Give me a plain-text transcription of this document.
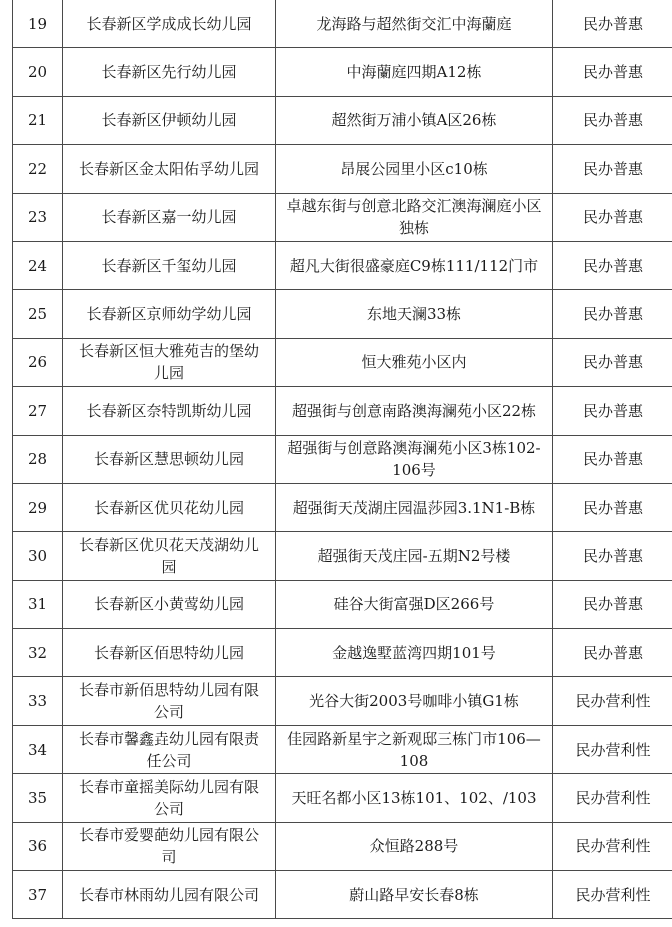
19	长春新区学成成长幼儿园	龙海路与超然街交汇中海蘭庭	民办普惠
20	长春新区先行幼儿园	中海蘭庭四期A12栋	民办普惠
21	长春新区伊顿幼儿园	超然街万浦小镇A区26栋	民办普惠
22	长春新区金太阳佑孚幼儿园	昂展公园里小区c10栋	民办普惠
23	长春新区嘉一幼儿园	卓越东街与创意北路交汇澳海澜庭小区独栋	民办普惠
24	长春新区千玺幼儿园	超凡大街很盛豪庭C9栋111/112门市	民办普惠
25	长春新区京师幼学幼儿园	东地天澜33栋	民办普惠
26	长春新区恒大雅苑吉的堡幼儿园	恒大雅苑小区内	民办普惠
27	长春新区奈特凯斯幼儿园	超强街与创意南路澳海澜苑小区22栋	民办普惠
28	长春新区慧思顿幼儿园	超强街与创意路澳海澜苑小区3栋102-106号	民办普惠
29	长春新区优贝花幼儿园	超强街天茂湖庄园温莎园3.1N1-B栋	民办普惠
30	长春新区优贝花天茂湖幼儿园	超强街天茂庄园-五期N2号楼	民办普惠
31	长春新区小黄莺幼儿园	硅谷大街富强D区266号	民办普惠
32	长春新区佰思特幼儿园	金越逸墅蓝湾四期101号	民办普惠
33	长春市新佰思特幼儿园有限公司	光谷大街2003号咖啡小镇G1栋	民办营利性
34	长春市馨鑫垚幼儿园有限责任公司	佳园路新星宇之新观邸三栋门市106—108	民办营利性
35	长春市童摇美际幼儿园有限公司	天旺名都小区13栋101、102、/103	民办营利性
36	长春市爱婴葩幼儿园有限公司	众恒路288号	民办营利性
37	长春市林雨幼儿园有限公司	蔚山路早安长春8栋	民办营利性
